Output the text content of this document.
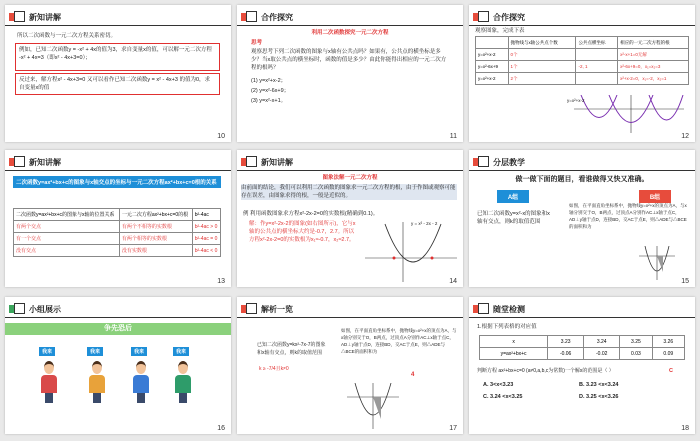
新知讲解
所以二次函数与一元二次方程关系密切。
例如，已知二次函数y = -x² + 4x的值为3，求自变量x的值，可以解一元二次方程 -x² + 4x=3（即x² - 4x+3=0）；
反过来，解方程x² - 4x+3=0 又可以看作已知二次函数y = x² - 4x+3 的值为0，求自变量x的值
10
合作探究
利用二次函数探究一元二次方程
思考
观察思考下列二次函数的图象与x轴有公共点吗？如果有，公共点的横坐标是多少？当x取公共点的横坐标时，函数的值是多少？由此你能得出相应的一元二次方程的根吗？
(1) y=x²+x-2；
(2) y=x²-6x+9；
(3) y=x²-x+1。
11
合作探究
观察图象，完成下表
	抛物线与x轴公共点个数	公共点横坐标	相应的一元二次方程的根
y=x²+x-2	0个		x²-x+1=0无解
y=x²-6x+9	1个	-2, 1	x²-6x+9=0，x₁=x₂=3
y=x²+x-2	2个		x²+x-2=0，x₁=-2，x₂=1
y=x²+x-2
12
新知讲解
二次函数y=ax²+bx+c的图象与x轴交点的坐标与一元二次方程ax²+bx+c=0根的关系
二次函数y=ax²+bx+c的图象与x轴的位置关系	一元二次方程ax²+bx+c=0的根	b²-4ac
有两个交点	有两个不相等的实数根	b²-4ac > 0
有一个交点	有两个相等的实数根	b²-4ac = 0
没有交点	没有实数根	b²-4ac < 0
13
新知讲解
图象法解一元二次方程
由前面的结论，我们可以利用二次函数的图象求一元二次方程的根，由于作图或观察可能存在误差，由图象求得的根，一般是近似的。
例 利用函数图象求方程x²-2x-2=0的实数根(精确到0.1)。
解：作y=x²-2x-2的图象(如右图所示)，它与x轴的公共点的横坐标大约是-0.7，2.7。所以方程x²-2x-2=0的实数根为x₁≈-0.7，x₂≈2.7。
y = x² - 2x - 2
14
分层教学
做一做下面的题目，看谁做得又快又准确。
A组	B组
已知二次函数y=x²-x的图象和x轴有交点，则k的取值范围
如图，在平面直角坐标系中，抛物线y=x²+x的顶点为A，与x轴分别交于O，B两点，过顶点A分别作AC⊥x轴于点C，AD⊥y轴于点D，连接BD，交AC于点E，则△ADE与△BCE的面积和为
15
小组展示
争先恐后
我来	我来	我来	我来
16
解析一览
已知二次函数y=kx²-7x-7的图象和x轴有交点，则k的取值范围
k ≥ -7/4且k≠0
如图，在平面直角坐标系中，抛物线y=x²+x的顶点为A，与x轴分别交于O，B两点，过顶点A分别作AC⊥x轴于点C，AD⊥y轴于点D，连接BD，交AC于点E，则△ADE与△BCE的面积和为
4
17
随堂检测
1.根据下列表格的对应值
x	3.23	3.24	3.25	3.26
y=ax²+bx+c	-0.06	-0.02	0.03	0.09
判断方程 ax²+bx+c=0 (a≠0,a,b,c为常数)一个解x的范围是（ ）	C
A. 3<x<3.23	B. 3.23 <x<3.24
C. 3.24 <x<3.25	D. 3.25 <x<3.26
18
